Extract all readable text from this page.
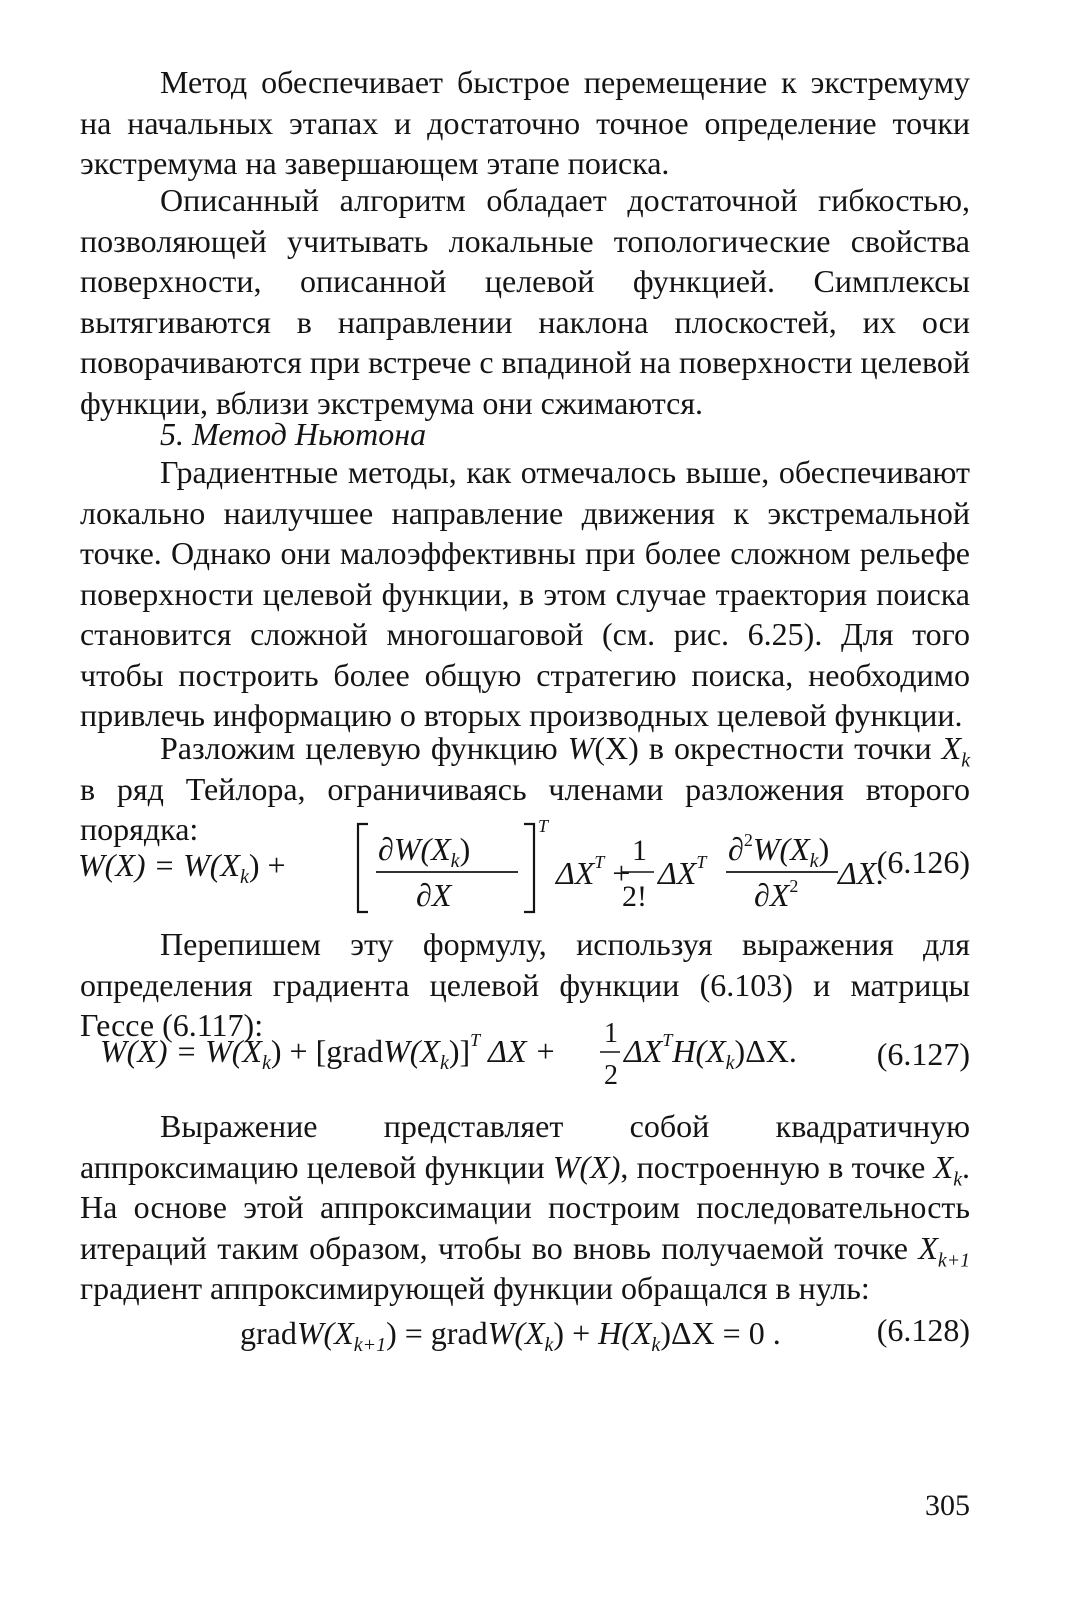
Метод обеспечивает быстрое перемещение к экстремуму на начальных этапах и достаточно точное определение точки экстремума на завершающем этапе поиска.

Описанный алгоритм обладает достаточной гибкостью, позволяющей учитывать локальные топологические свойства поверхности, описанной целевой функцией. Симплексы вытягиваются в направлении наклона плоскостей, их оси поворачиваются при встрече с впадиной на поверхности целевой функции, вблизи экстремума они сжимаются.

5. Метод Ньютона

Градиентные методы, как отмечалось выше, обеспечивают локально наилучшее направление движения к экстремальной точке. Однако они малоэффективны при более сложном рельефе поверхности целевой функции, в этом случае траектория поиска становится сложной многошаговой (см. рис. 6.25). Для того чтобы построить более общую стратегию поиска, необходимо привлечь информацию о вторых производных целевой функции.

Разложим целевую функцию W(X) в окрестности точки $X_k$ в ряд Тейлора, ограничиваясь членами разложения второго порядка:

$W(X) = W(X_k)$ +	$\partial W(X_k)$
∂X
T
$\Delta X^T$ +
1
2!
$\Delta X^T$ $\partial^2W(X_k)$
$\partial X^2$ ΔX.
(6.126)

Перепишем эту формулу, используя выражения для определения градиента целевой функции (6.103) и матрицы Гессе (6.117):

$W(X) = W(X_k)$ + $[gradW(X_k)]^T$ ΔX + 1
2
$\Delta X^TH(X_k)\Delta X$. (6.127)

Выражение представляет собой квадратичную аппроксимацию целевой функции W(X), построенную в точке $X_k$. На основе этой аппроксимации построим последовательность итераций таким образом, чтобы во вновь получаемой точке $X_{k+1}$ градиент аппроксимирующей функции обращался в нуль:

$gradW(X_{k+1})$ = $gradW(X_k) + H(X_k)\Delta X = 0$ .	(6.128)
305
